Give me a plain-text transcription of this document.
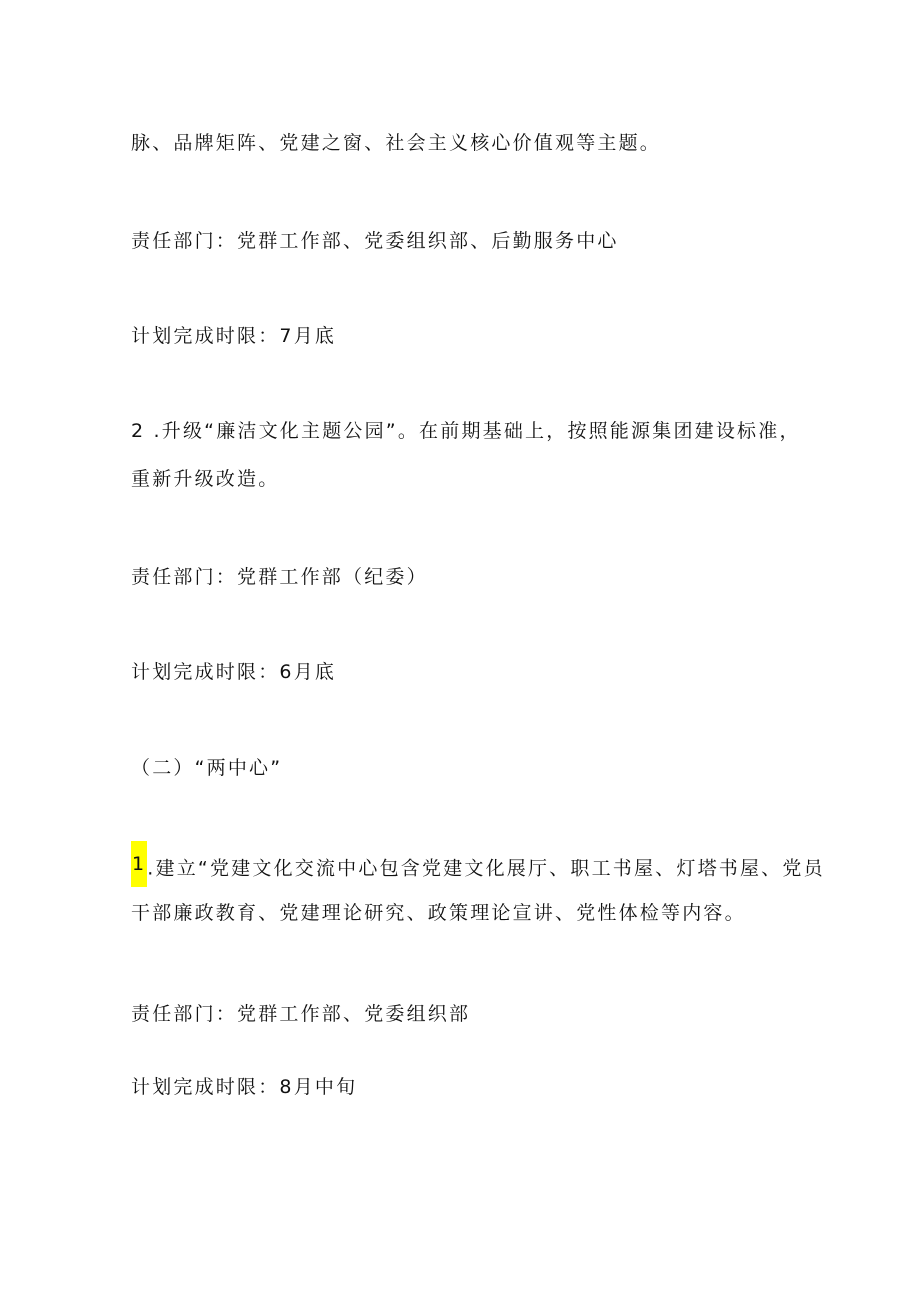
脉、品牌矩阵、党建之窗、社会主义核心价值观等主题。
责任部门：党群工作部、党委组织部、后勤服务中心
计划完成时限：7月底
2 .升级“廉洁文化主题公园”。在前期基础上，按照能源集团建设标准，
重新升级改造。
责任部门：党群工作部（纪委）
计划完成时限：6月底
（二）“两中心”
1.建立“党建文化交流中心包含党建文化展厅、职工书屋、灯塔书屋、党员
干部廉政教育、党建理论研究、政策理论宣讲、党性体检等内容。
责任部门：党群工作部、党委组织部
计划完成时限：8月中旬
